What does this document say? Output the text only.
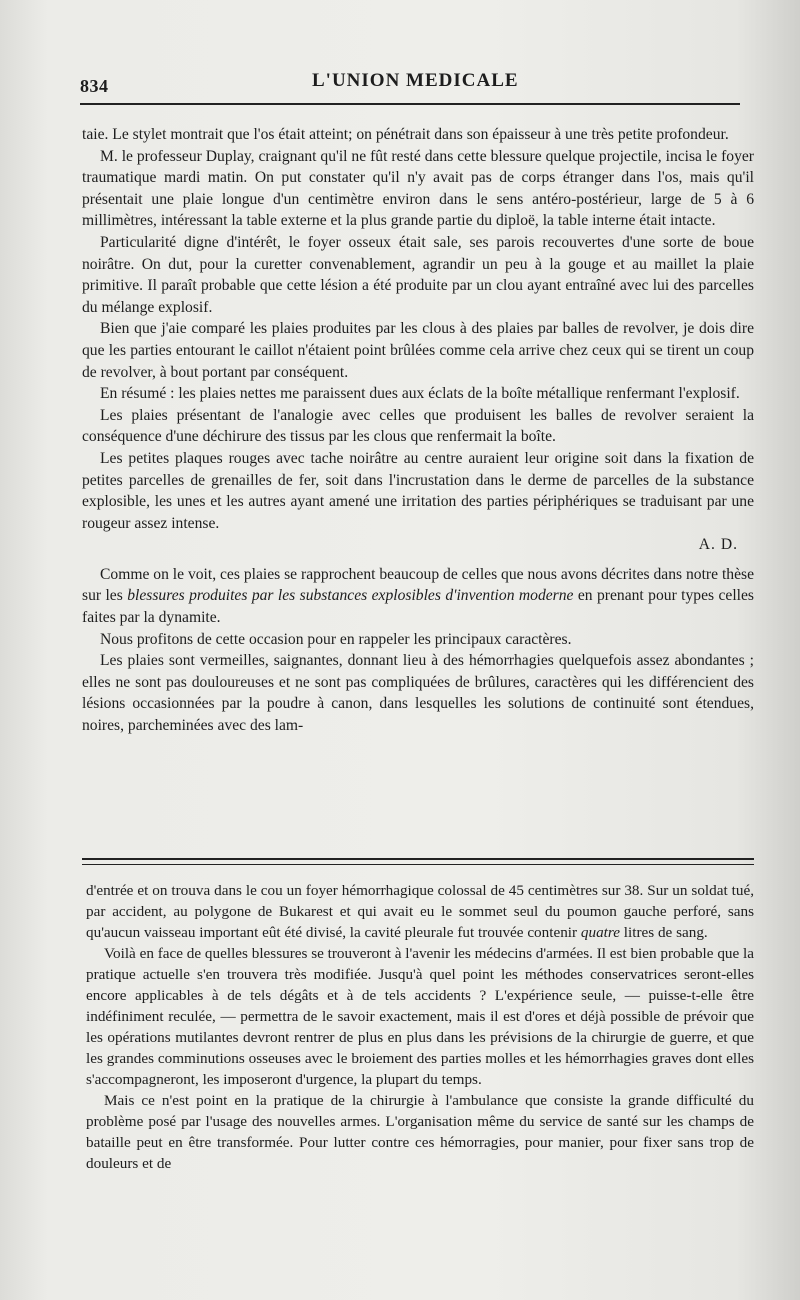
834	L'UNION MEDICALE

taie. Le stylet montrait que l'os était atteint; on pénétrait dans son épaisseur à une très petite profondeur.

M. le professeur Duplay, craignant qu'il ne fût resté dans cette blessure quelque projectile, incisa le foyer traumatique mardi matin. On put constater qu'il n'y avait pas de corps étranger dans l'os, mais qu'il présentait une plaie longue d'un centimètre environ dans le sens antéro-postérieur, large de 5 à 6 millimètres, intéressant la table externe et la plus grande partie du diploë, la table interne était intacte.

Particularité digne d'intérêt, le foyer osseux était sale, ses parois recouvertes d'une sorte de boue noirâtre. On dut, pour la curetter convenablement, agrandir un peu à la gouge et au maillet la plaie primitive. Il paraît probable que cette lésion a été produite par un clou ayant entraîné avec lui des parcelles du mélange explosif.

Bien que j'aie comparé les plaies produites par les clous à des plaies par balles de revolver, je dois dire que les parties entourant le caillot n'étaient point brûlées comme cela arrive chez ceux qui se tirent un coup de revolver, à bout portant par conséquent.

En résumé : les plaies nettes me paraissent dues aux éclats de la boîte métallique renfermant l'explosif.

Les plaies présentant de l'analogie avec celles que produisent les balles de revolver seraient la conséquence d'une déchirure des tissus par les clous que renfermait la boîte.

Les petites plaques rouges avec tache noirâtre au centre auraient leur origine soit dans la fixation de petites parcelles de grenailles de fer, soit dans l'incrustation dans le derme de parcelles de la substance explosible, les unes et les autres ayant amené une irritation des parties périphériques se traduisant par une rougeur assez intense.

A. D.

Comme on le voit, ces plaies se rapprochent beaucoup de celles que nous avons décrites dans notre thèse sur les blessures produites par les substances explosibles d'invention moderne en prenant pour types celles faites par la dynamite.

Nous profitons de cette occasion pour en rappeler les principaux caractères.

Les plaies sont vermeilles, saignantes, donnant lieu à des hémorrhagies quelquefois assez abondantes ; elles ne sont pas douloureuses et ne sont pas compliquées de brûlures, caractères qui les différencient des lésions occasionnées par la poudre à canon, dans lesquelles les solutions de continuité sont étendues, noires, parcheminées avec des lam-

d'entrée et on trouva dans le cou un foyer hémorrhagique colossal de 45 centimètres sur 38. Sur un soldat tué, par accident, au polygone de Bukarest et qui avait eu le sommet seul du poumon gauche perforé, sans qu'aucun vaisseau important eût été divisé, la cavité pleurale fut trouvée contenir quatre litres de sang.

Voilà en face de quelles blessures se trouveront à l'avenir les médecins d'armées. Il est bien probable que la pratique actuelle s'en trouvera très modifiée. Jusqu'à quel point les méthodes conservatrices seront-elles encore applicables à de tels dégâts et à de tels accidents ? L'expérience seule, — puisse-t-elle être indéfiniment reculée, — permettra de le savoir exactement, mais il est d'ores et déjà possible de prévoir que les opérations mutilantes devront rentrer de plus en plus dans les prévisions de la chirurgie de guerre, et que les grandes comminutions osseuses avec le broiement des parties molles et les hémorrhagies graves dont elles s'accompagneront, les imposeront d'urgence, la plupart du temps.

Mais ce n'est point en la pratique de la chirurgie à l'ambulance que consiste la grande difficulté du problème posé par l'usage des nouvelles armes. L'organisation même du service de santé sur les champs de bataille peut en être transformée. Pour lutter contre ces hémorragies, pour manier, pour fixer sans trop de douleurs et de
